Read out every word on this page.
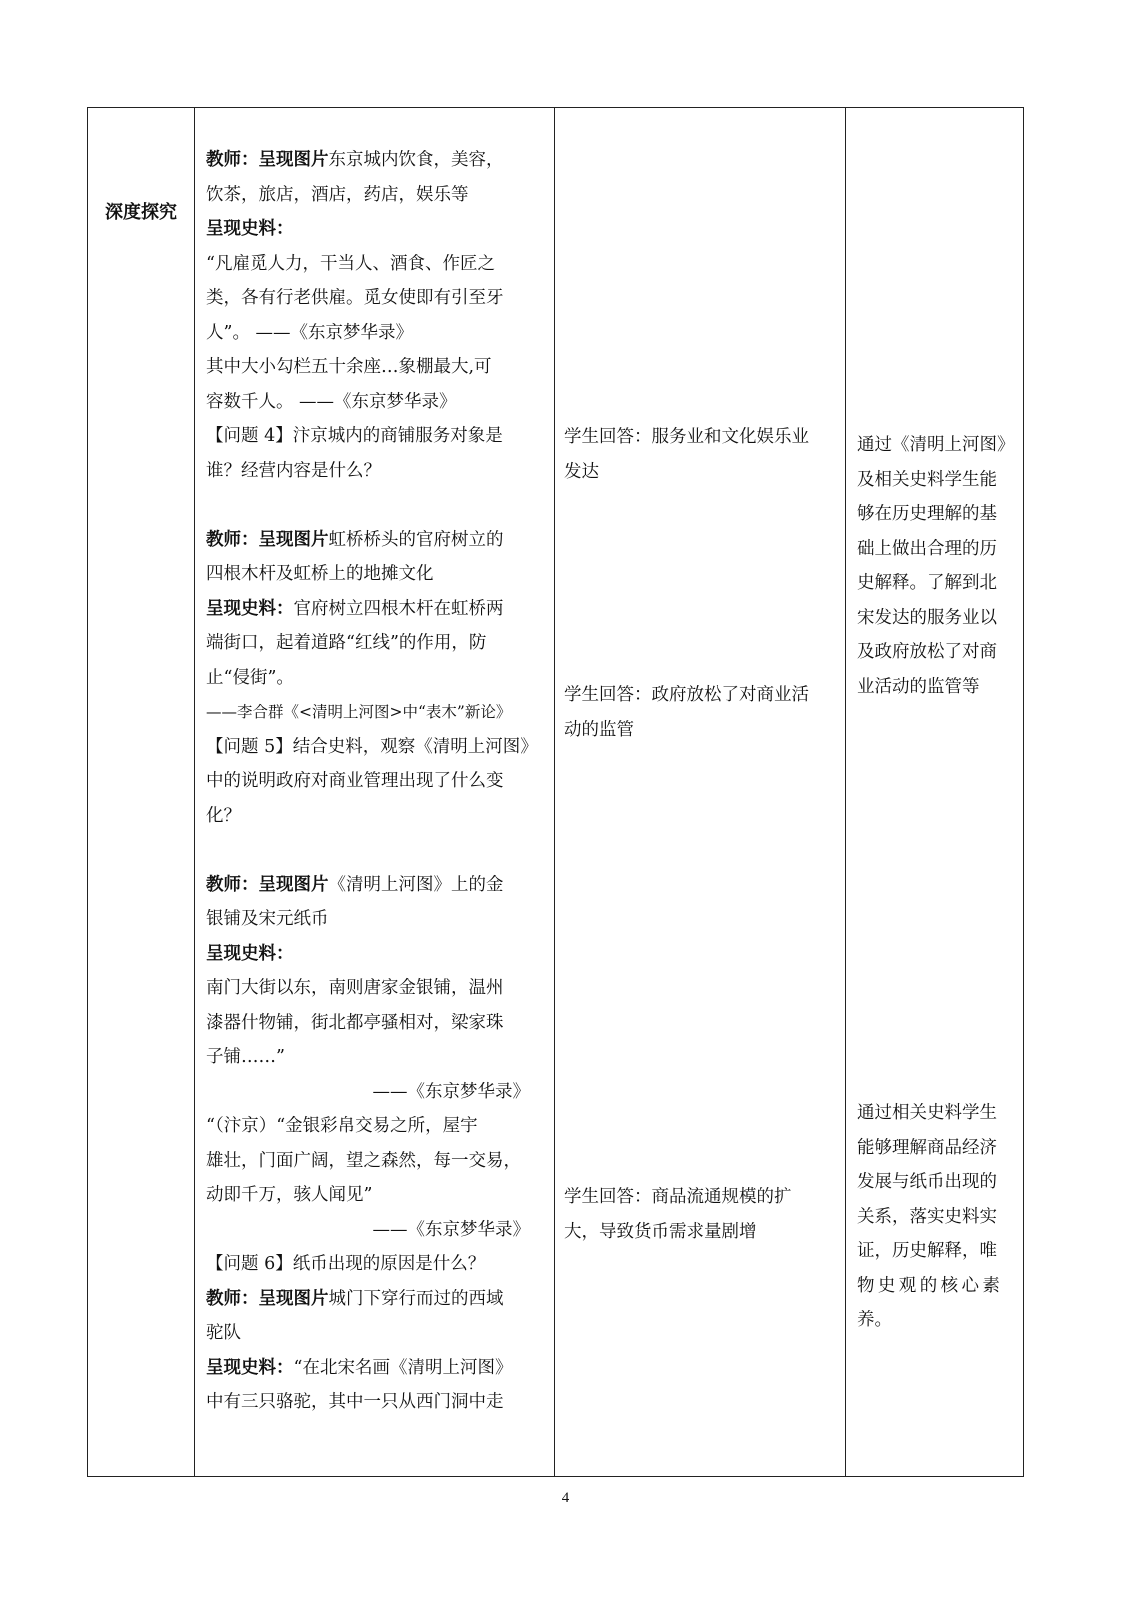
深度探究
教师：呈现图片东京城内饮食，美容，
饮茶，旅店，酒店，药店，娱乐等
呈现史料：
“凡雇觅人力，干当人、酒食、作匠之
类，各有行老供雇。觅女使即有引至牙
人”。 ——《东京梦华录》
其中大小勾栏五十余座…象棚最大,可
容数千人。 ——《东京梦华录》
【问题 4】汴京城内的商铺服务对象是
谁？经营内容是什么？
教师：呈现图片虹桥桥头的官府树立的
四根木杆及虹桥上的地摊文化
呈现史料：官府树立四根木杆在虹桥两
端街口，起着道路“红线”的作用，防
止“侵街”。
——李合群《<清明上河图>中“表木”新论》
【问题 5】结合史料，观察《清明上河图》
中的说明政府对商业管理出现了什么变
化？
教师：呈现图片《清明上河图》上的金
银铺及宋元纸币
呈现史料：
南门大街以东，南则唐家金银铺，温州
漆器什物铺，街北都亭骚相对，梁家珠
子铺……”
——《东京梦华录》
“（汴京）“金银彩帛交易之所，屋宇
雄壮，门面广阔，望之森然，每一交易，
动即千万，骇人闻见”
——《东京梦华录》
【问题 6】纸币出现的原因是什么？
教师：呈现图片城门下穿行而过的西域
驼队
呈现史料：“在北宋名画《清明上河图》
中有三只骆驼，其中一只从西门洞中走
学生回答：服务业和文化娱乐业
发达
学生回答：政府放松了对商业活
动的监管
学生回答：商品流通规模的扩
大，导致货币需求量剧增
通过《清明上河图》
及相关史料学生能
够在历史理解的基
础上做出合理的历
史解释。了解到北
宋发达的服务业以
及政府放松了对商
业活动的监管等
通过相关史料学生
能够理解商品经济
发展与纸币出现的
关系，落实史料实
证，历史解释，唯
物史观的核心素
养。
4
